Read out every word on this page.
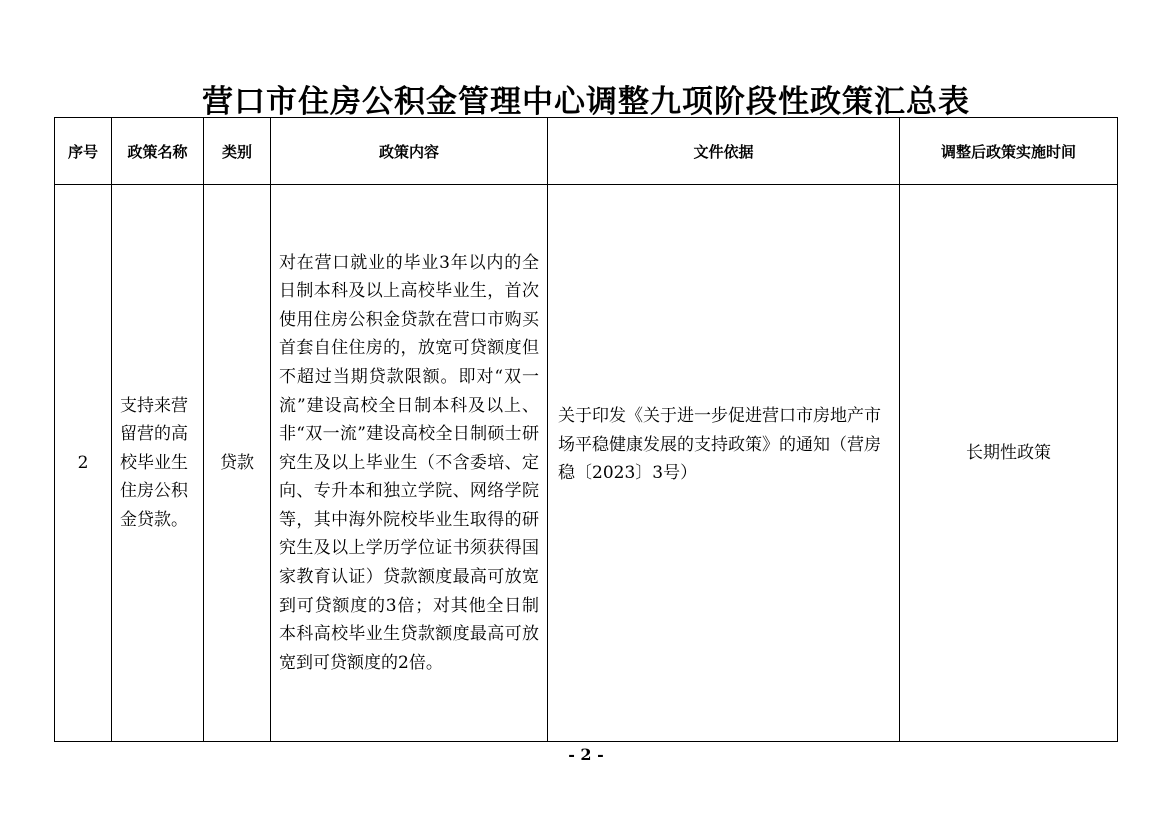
营口市住房公积金管理中心调整九项阶段性政策汇总表
序号	政策名称	类别	政策内容	文件依据	调整后政策实施时间
2	支持来营留营的高校毕业生住房公积金贷款。	贷款	对在营口就业的毕业3年以内的全日制本科及以上高校毕业生，首次使用住房公积金贷款在营口市购买首套自住住房的，放宽可贷额度但不超过当期贷款限额。即对“双一流”建设高校全日制本科及以上、非“双一流”建设高校全日制硕士研究生及以上毕业生（不含委培、定向、专升本和独立学院、网络学院等，其中海外院校毕业生取得的研究生及以上学历学位证书须获得国家教育认证）贷款额度最高可放宽到可贷额度的3倍；对其他全日制本科高校毕业生贷款额度最高可放宽到可贷额度的2倍。	关于印发《关于进一步促进营口市房地产市场平稳健康发展的支持政策》的通知（营房稳〔2023〕3号）	长期性政策
- 2 -
